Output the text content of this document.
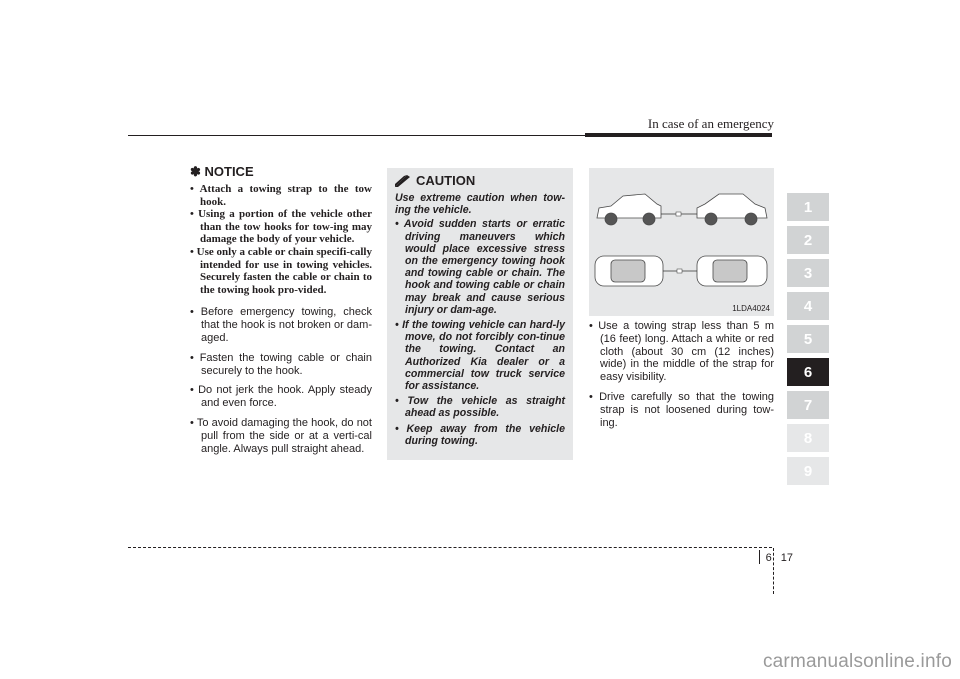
In case of an emergency
✽ NOTICE
• Attach a towing strap to the tow hook.
• Using a portion of the vehicle other than the tow hooks for tow-ing may damage the body of your vehicle.
• Use only a cable or chain specifi-cally intended for use in towing vehicles. Securely fasten the cable or chain to the towing hook pro-vided.
• Before emergency towing, check that the hook is not broken or dam-aged.
• Fasten the towing cable or chain securely to the hook.
• Do not jerk the hook. Apply steady and even force.
• To avoid damaging the hook, do not pull from the side or at a verti-cal angle. Always pull straight ahead.
CAUTION
Use extreme caution when tow-ing the vehicle.
• Avoid sudden starts or erratic driving maneuvers which would place excessive stress on the emergency towing hook and towing cable or chain. The hook and towing cable or chain may break and cause serious injury or dam-age.
• If the towing vehicle can hard-ly move, do not forcibly con-tinue the towing. Contact an Authorized Kia dealer or a commercial tow truck service for assistance.
• Tow the vehicle as straight ahead as possible.
• Keep away from the vehicle during towing.
1LDA4024
• Use a towing strap less than 5 m (16 feet) long. Attach a white or red cloth (about 30 cm (12 inches) wide) in the middle of the strap for easy visibility.
• Drive carefully so that the towing strap is not loosened during tow-ing.
1
2
3
4
5
6
7
8
9
6 17
carmanualsonline.info
